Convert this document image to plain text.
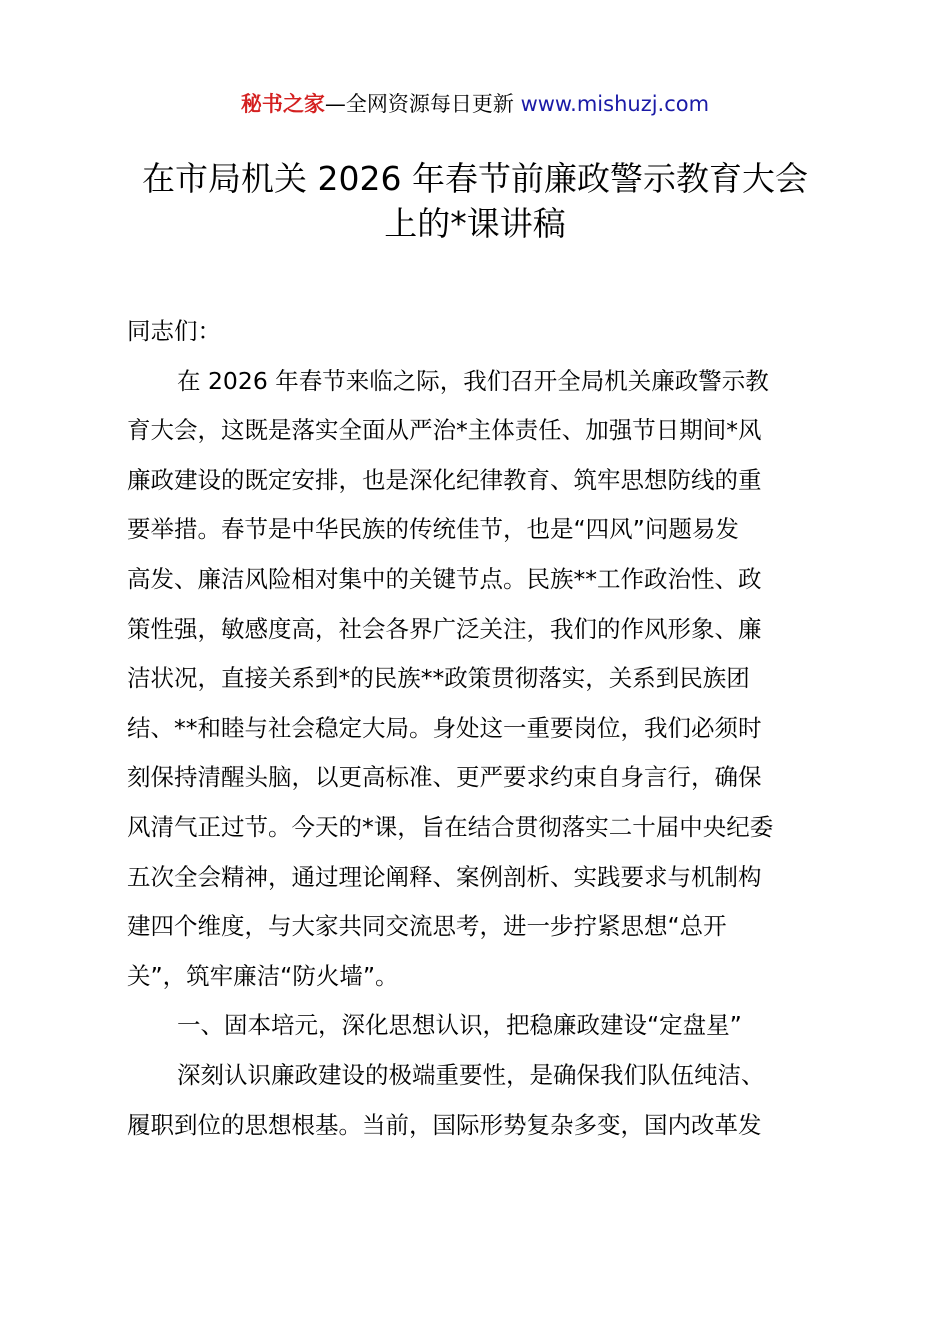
秘书之家—全网资源每日更新 www.mishuzj.com
在市局机关 2026 年春节前廉政警示教育大会
上的*课讲稿
同志们：
在 2026 年春节来临之际，我们召开全局机关廉政警示教
育大会，这既是落实全面从严治*主体责任、加强节日期间*风
廉政建设的既定安排，也是深化纪律教育、筑牢思想防线的重
要举措。春节是中华民族的传统佳节，也是“四风”问题易发
高发、廉洁风险相对集中的关键节点。民族**工作政治性、政
策性强，敏感度高，社会各界广泛关注，我们的作风形象、廉
洁状况，直接关系到*的民族**政策贯彻落实，关系到民族团
结、**和睦与社会稳定大局。身处这一重要岗位，我们必须时
刻保持清醒头脑，以更高标准、更严要求约束自身言行，确保
风清气正过节。今天的*课，旨在结合贯彻落实二十届中央纪委
五次全会精神，通过理论阐释、案例剖析、实践要求与机制构
建四个维度，与大家共同交流思考，进一步拧紧思想“总开
关”，筑牢廉洁“防火墙”。
一、固本培元，深化思想认识，把稳廉政建设“定盘星”
深刻认识廉政建设的极端重要性，是确保我们队伍纯洁、
履职到位的思想根基。当前，国际形势复杂多变，国内改革发
